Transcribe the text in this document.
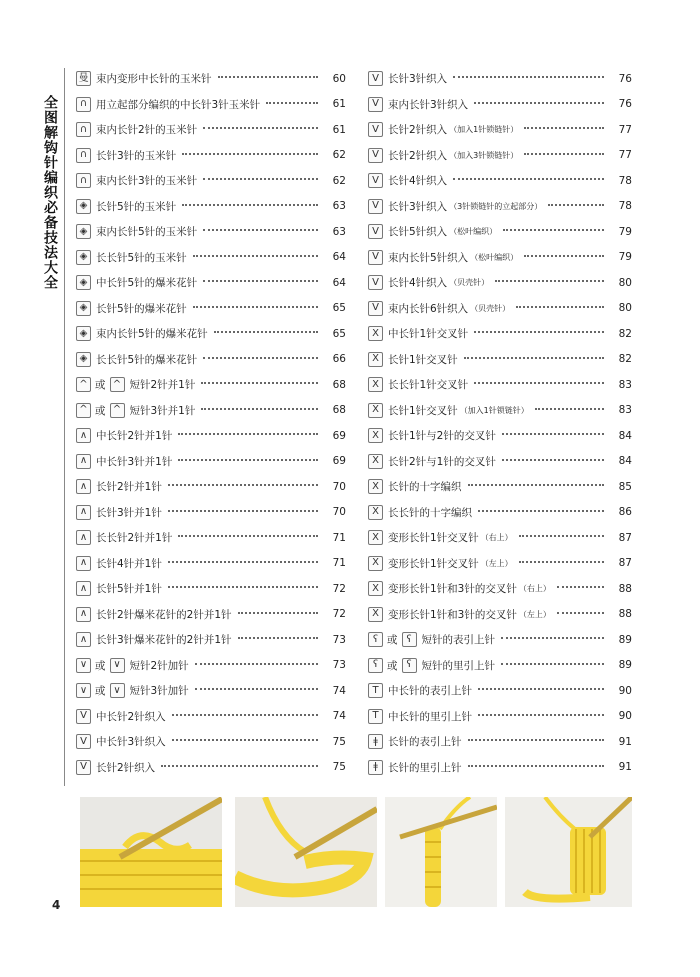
全图解钩针编织必备技法大全
曼 束内变形中长针的玉米针	60
∩ 用立起部分编织的中长针3针玉米针	61
∩ 束内长针2针的玉米针	61
∩ 长针3针的玉米针	62
∩ 束内长针3针的玉米针	62
◈ 长针5针的玉米针	63
◈ 束内长针5针的玉米针	63
◈ 长长针5针的玉米针	64
◈ 中长针5针的爆米花针	64
◈ 长针5针的爆米花针	65
◈ 束内长针5针的爆米花针	65
◈ 长长针5针的爆米花针	66
^ 或 ^ 短针2针并1针	68
^ 或 ^ 短针3针并1针	68
∧ 中长针2针并1针	69
∧ 中长针3针并1针	69
∧ 长针2针并1针	70
∧ 长针3针并1针	70
∧ 长长针2针并1针	71
∧ 长针4针并1针	71
∧ 长针5针并1针	72
∧ 长针2针爆米花针的2针并1针	72
∧ 长针3针爆米花针的2针并1针	73
∨ 或 ∨ 短针2针加针	73
∨ 或 ∨ 短针3针加针	74
V 中长针2针织入	74
V 中长针3针织入	75
V 长针2针织入	75
V 长针3针织入	76
V 束内长针3针织入	76
V 长针2针织入 （加入1针锁链针）	77
V 长针2针织入 （加入3针锁链针）	77
V 长针4针织入	78
V 长针3针织入 （3针锁链针的立起部分）	78
V 长针5针织入 （松叶编织）	79
V 束内长针5针织入 （松叶编织）	79
V 长针4针织入 （贝壳针）	80
V 束内长针6针织入 （贝壳针）	80
X 中长针1针交叉针	82
X 长针1针交叉针	82
X 长长针1针交叉针	83
X 长针1针交叉针 （加入1针锁链针）	83
X 长针1针与2针的交叉针	84
X 长针2针与1针的交叉针	84
X 长针的十字编织	85
X 长长针的十字编织	86
X 变形长针1针交叉针 （右上）	87
X 变形长针1针交叉针 （左上）	87
X 变形长针1针和3针的交叉针 （右上）	88
X 变形长针1针和3针的交叉针 （左上）	88
ʕ 或 ʕ 短针的表引上针	89
ʕ 或 ʕ 短针的里引上针	89
T 中长针的表引上针	90
T 中长针的里引上针	90
ǂ 长针的表引上针	91
ǂ 长针的里引上针	91
4
